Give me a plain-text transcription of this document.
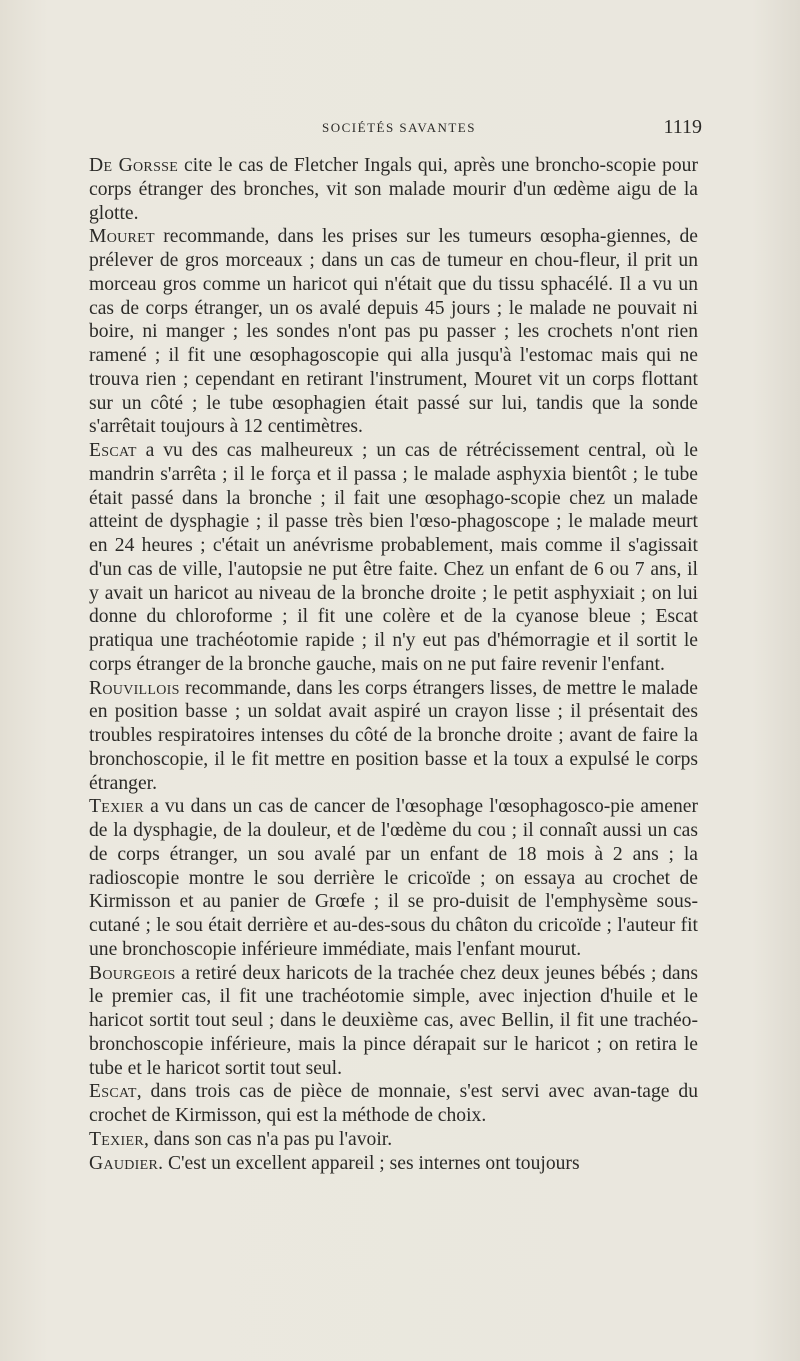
SOCIÉTÉS SAVANTES	1119

De Gorsse cite le cas de Fletcher Ingals qui, après une broncho-scopie pour corps étranger des bronches, vit son malade mourir d'un œdème aigu de la glotte.

Mouret recommande, dans les prises sur les tumeurs œsopha-giennes, de prélever de gros morceaux ; dans un cas de tumeur en chou-fleur, il prit un morceau gros comme un haricot qui n'était que du tissu sphacélé. Il a vu un cas de corps étranger, un os avalé depuis 45 jours ; le malade ne pouvait ni boire, ni manger ; les sondes n'ont pas pu passer ; les crochets n'ont rien ramené ; il fit une œsophagoscopie qui alla jusqu'à l'estomac mais qui ne trouva rien ; cependant en retirant l'instrument, Mouret vit un corps flottant sur un côté ; le tube œsophagien était passé sur lui, tandis que la sonde s'arrêtait toujours à 12 centimètres.

Escat a vu des cas malheureux ; un cas de rétrécissement central, où le mandrin s'arrêta ; il le força et il passa ; le malade asphyxia bientôt ; le tube était passé dans la bronche ; il fait une œsophago-scopie chez un malade atteint de dysphagie ; il passe très bien l'œso-phagoscope ; le malade meurt en 24 heures ; c'était un anévrisme probablement, mais comme il s'agissait d'un cas de ville, l'autopsie ne put être faite. Chez un enfant de 6 ou 7 ans, il y avait un haricot au niveau de la bronche droite ; le petit asphyxiait ; on lui donne du chloroforme ; il fit une colère et de la cyanose bleue ; Escat pratiqua une trachéotomie rapide ; il n'y eut pas d'hémorragie et il sortit le corps étranger de la bronche gauche, mais on ne put faire revenir l'enfant.

Rouvillois recommande, dans les corps étrangers lisses, de mettre le malade en position basse ; un soldat avait aspiré un crayon lisse ; il présentait des troubles respiratoires intenses du côté de la bronche droite ; avant de faire la bronchoscopie, il le fit mettre en position basse et la toux a expulsé le corps étranger.

Texier a vu dans un cas de cancer de l'œsophage l'œsophagosco-pie amener de la dysphagie, de la douleur, et de l'œdème du cou ; il connaît aussi un cas de corps étranger, un sou avalé par un enfant de 18 mois à 2 ans ; la radioscopie montre le sou derrière le cricoïde ; on essaya au crochet de Kirmisson et au panier de Grœfe ; il se pro-duisit de l'emphysème sous-cutané ; le sou était derrière et au-des-sous du châton du cricoïde ; l'auteur fit une bronchoscopie inférieure immédiate, mais l'enfant mourut.

Bourgeois a retiré deux haricots de la trachée chez deux jeunes bébés ; dans le premier cas, il fit une trachéotomie simple, avec injection d'huile et le haricot sortit tout seul ; dans le deuxième cas, avec Bellin, il fit une trachéo-bronchoscopie inférieure, mais la pince dérapait sur le haricot ; on retira le tube et le haricot sortit tout seul.

Escat, dans trois cas de pièce de monnaie, s'est servi avec avan-tage du crochet de Kirmisson, qui est la méthode de choix.

Texier, dans son cas n'a pas pu l'avoir.

Gaudier. C'est un excellent appareil ; ses internes ont toujours
